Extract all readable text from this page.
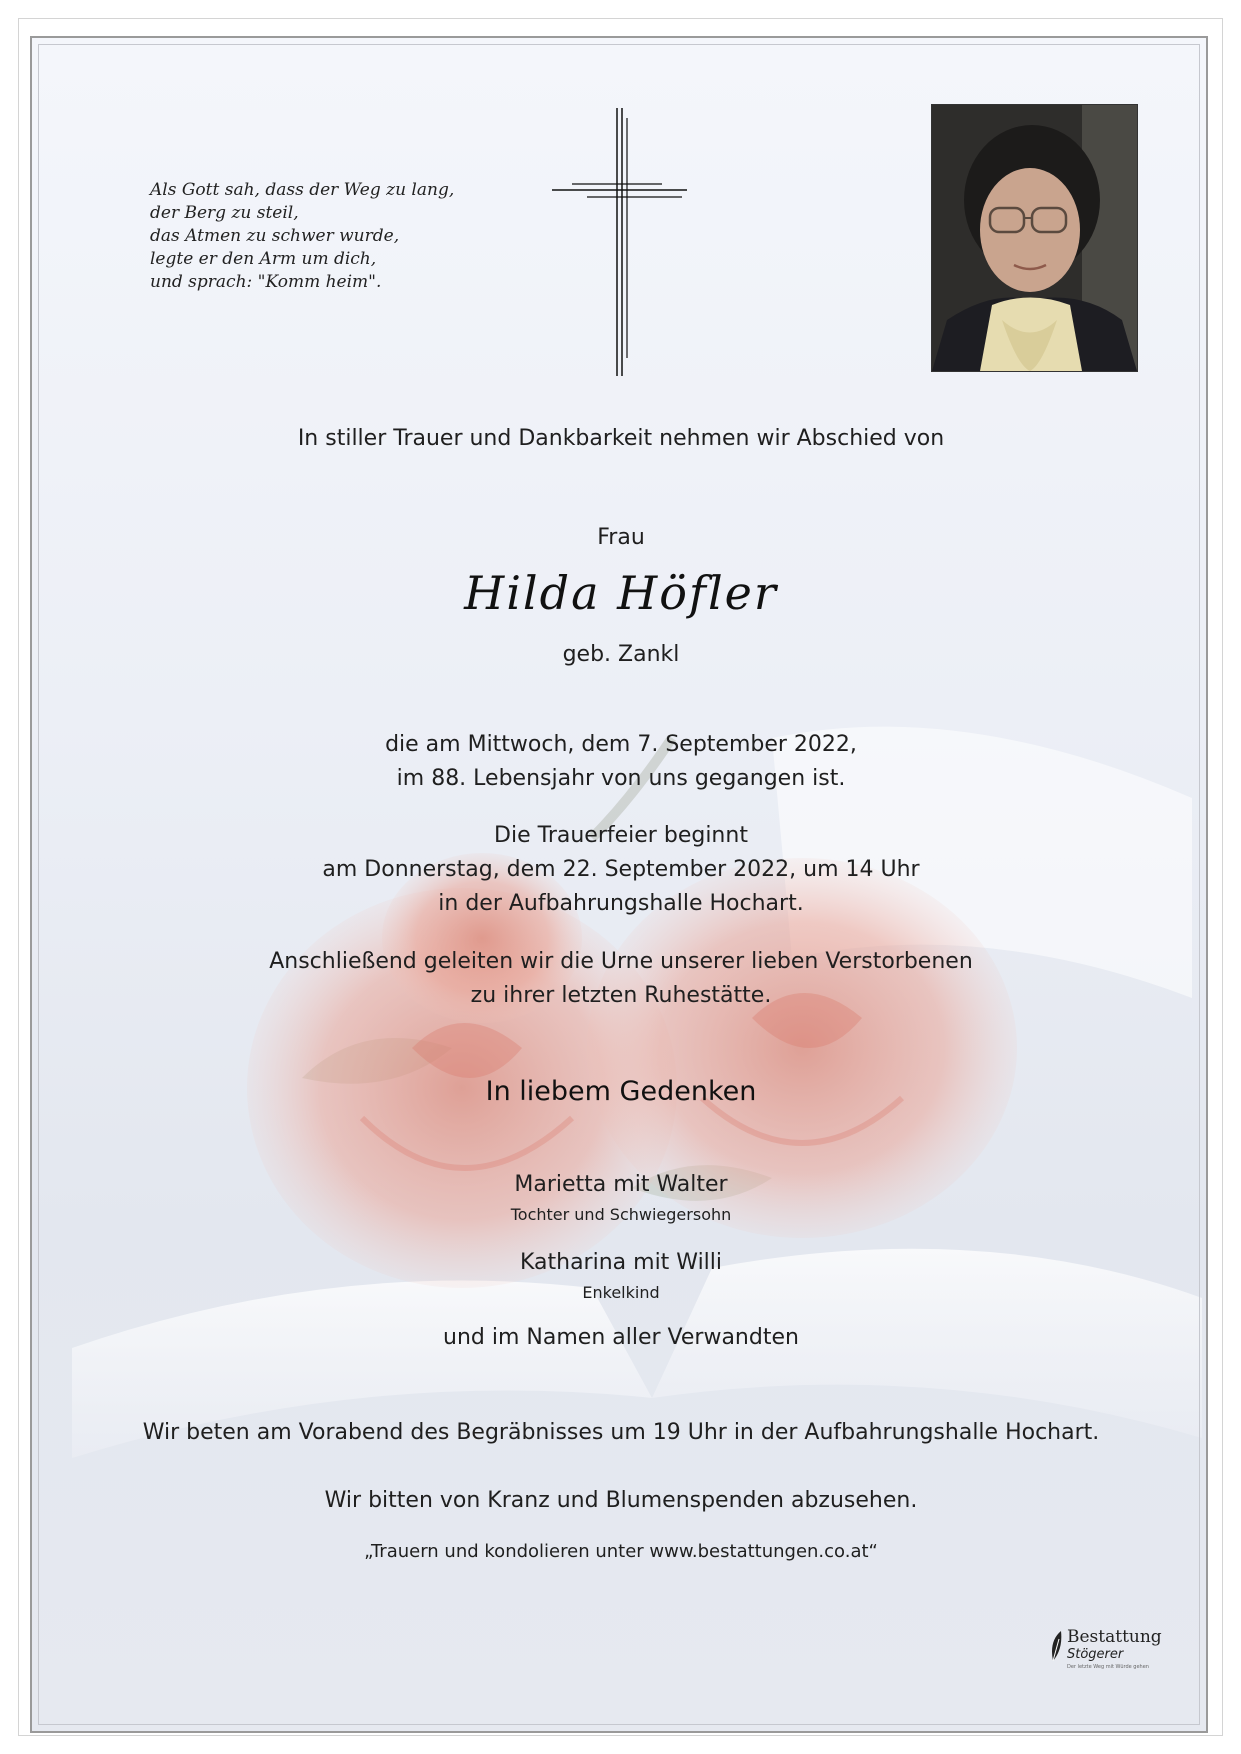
Als Gott sah, dass der Weg zu lang,
der Berg zu steil,
das Atmen zu schwer wurde,
legte er den Arm um dich,
und sprach: "Komm heim".
In stiller Trauer und Dankbarkeit nehmen wir Abschied von
Frau
Hilda Höfler
geb. Zankl
die am Mittwoch, dem 7. September 2022,
im 88. Lebensjahr von uns gegangen ist.
Die Trauerfeier beginnt
am Donnerstag, dem 22. September 2022, um 14 Uhr
in der Aufbahrungshalle Hochart.
Anschließend geleiten wir die Urne unserer lieben Verstorbenen
zu ihrer letzten Ruhestätte.
In liebem Gedenken
Marietta mit Walter
Tochter und Schwiegersohn
Katharina mit Willi
Enkelkind
und im Namen aller Verwandten
Wir beten am Vorabend des Begräbnisses um 19 Uhr in der Aufbahrungshalle Hochart.
Wir bitten von Kranz und Blumenspenden abzusehen.
„Trauern und kondolieren unter www.bestattungen.co.at“
Bestattung
Stögerer
Der letzte Weg mit Würde gehen
